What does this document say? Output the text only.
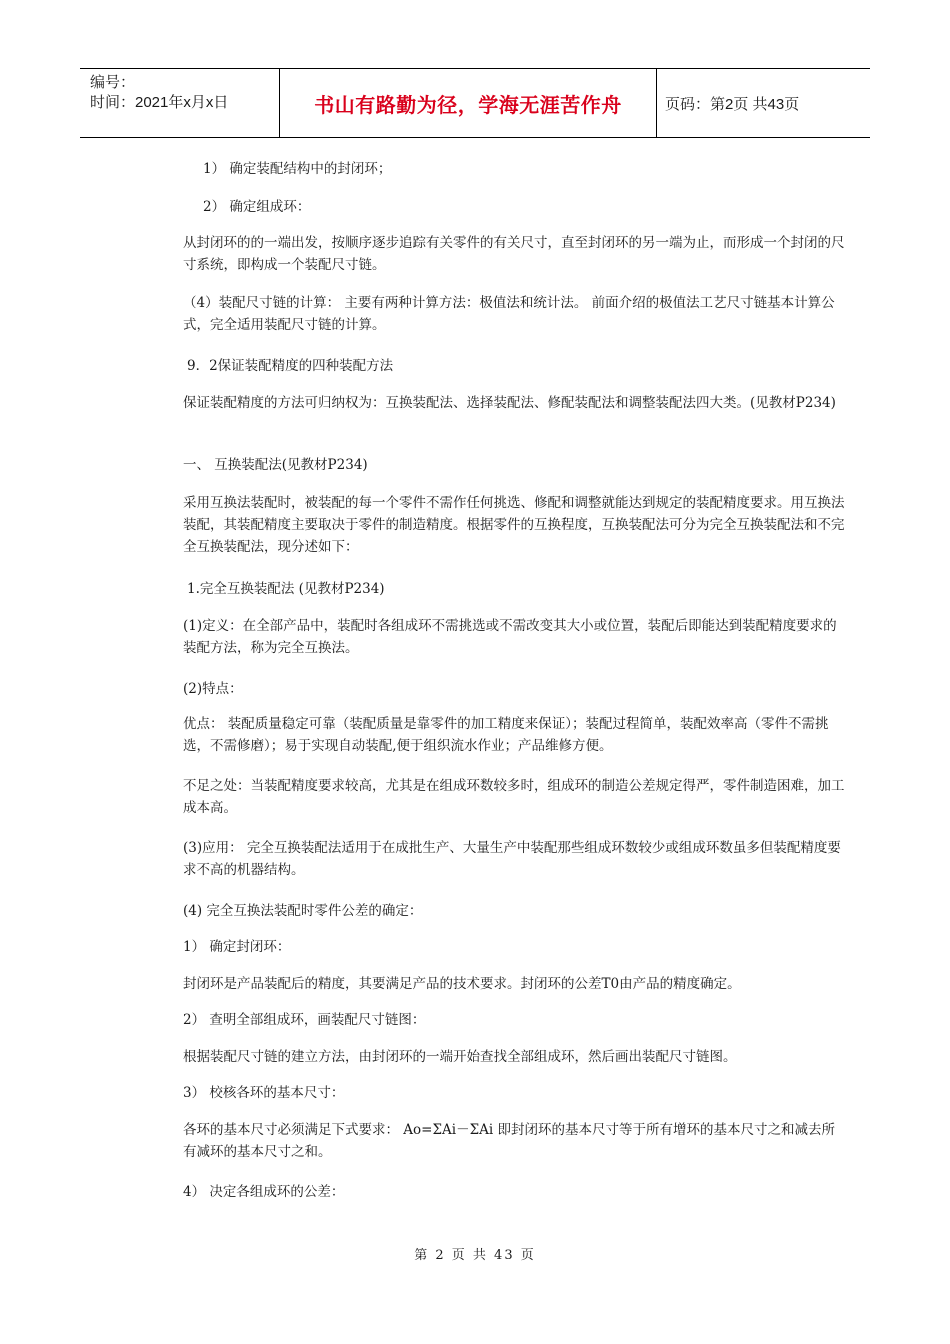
编号：
时间：2021年x月x日	书山有路勤为径，学海无涯苦作舟	页码：第2页 共43页

1） 确定装配结构中的封闭环；

2） 确定组成环：

从封闭环的的一端出发，按顺序逐步追踪有关零件的有关尺寸，直至封闭环的另一端为止，而形成一个封闭的尺寸系统，即构成一个装配尺寸链。

（4）装配尺寸链的计算： 主要有两种计算方法：极值法和统计法。 前面介绍的极值法工艺尺寸链基本计算公式，完全适用装配尺寸链的计算。

9．2保证装配精度的四种装配方法

保证装配精度的方法可归纳权为：互换装配法、选择装配法、修配装配法和调整装配法四大类。(见教材P234)

一、 互换装配法(见教材P234)

采用互换法装配时，被装配的每一个零件不需作任何挑选、修配和调整就能达到规定的装配精度要求。用互换法装配，其装配精度主要取决于零件的制造精度。根据零件的互换程度，互换装配法可分为完全互换装配法和不完全互换装配法，现分述如下：

1.完全互换装配法 (见教材P234)

(1)定义：在全部产品中，装配时各组成环不需挑选或不需改变其大小或位置，装配后即能达到装配精度要求的装配方法，称为完全互换法。

(2)特点：

优点： 装配质量稳定可靠（装配质量是靠零件的加工精度来保证）；装配过程简单，装配效率高（零件不需挑选，不需修磨）；易于实现自动装配,便于组织流水作业；产品维修方便。

不足之处：当装配精度要求较高，尤其是在组成环数较多时，组成环的制造公差规定得严，零件制造困难，加工成本高。

(3)应用： 完全互换装配法适用于在成批生产、大量生产中装配那些组成环数较少或组成环数虽多但装配精度要求不高的机器结构。

(4) 完全互换法装配时零件公差的确定：

1） 确定封闭环：

封闭环是产品装配后的精度，其要满足产品的技术要求。封闭环的公差T0由产品的精度确定。

2） 查明全部组成环，画装配尺寸链图：

根据装配尺寸链的建立方法，由封闭环的一端开始查找全部组成环，然后画出装配尺寸链图。

3） 校核各环的基本尺寸：

各环的基本尺寸必须满足下式要求： Ao=ΣAi－ΣAi 即封闭环的基本尺寸等于所有增环的基本尺寸之和减去所有减环的基本尺寸之和。

4） 决定各组成环的公差：

第 2 页 共 43 页
